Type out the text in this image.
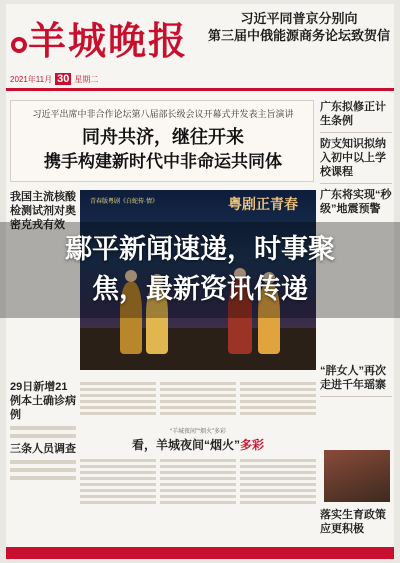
羊城晚报	习近平同普京分别向
第三届中俄能源商务论坛致贺信
2021年11月 30 星期二
习近平出席中非合作论坛第八届部长级会议开幕式并发表主旨演讲
同舟共济，继往开来
携手构建新时代中非命运共同体
广东拟修正计生条例
防支知识拟纳入初中以上学校课程
广东将实现“秒级”地震预警
我国主流核酸检测试剂对奥密克戎有效
青春版粤剧《白蛇传·情》	粤剧正青春
29日新增21例本土确诊病例
三条人员调查
“羊城夜间”“烟火”多彩
看，羊城夜间“烟火”多彩
“胖女人”再次走进千年瑶寨
落实生育政策应更积极
鄢平新闻速递，时事聚
焦，最新资讯传递
